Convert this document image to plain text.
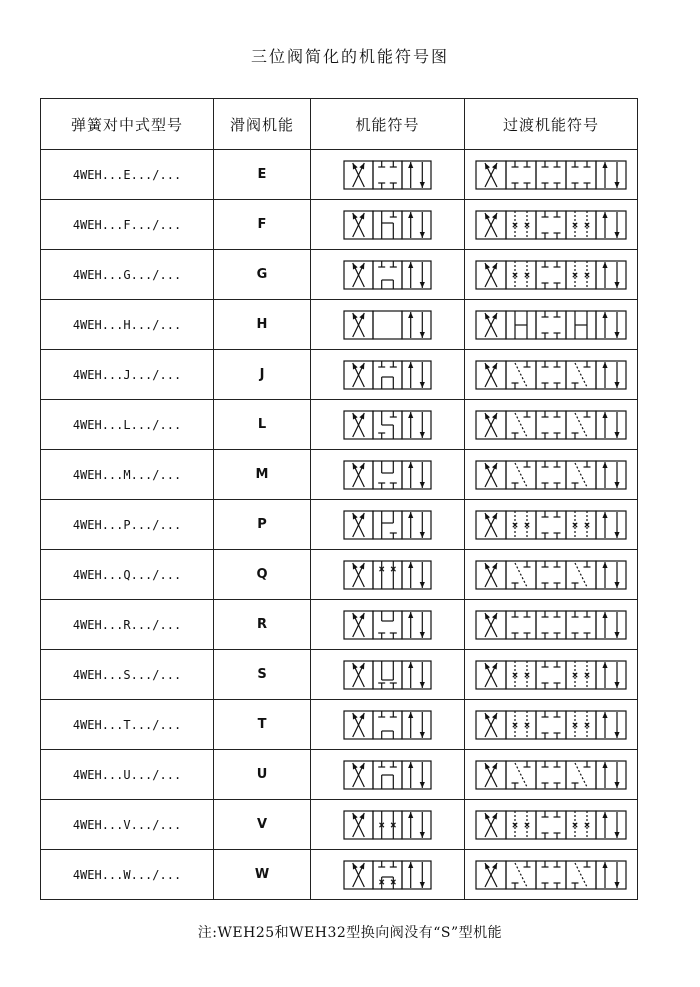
三位阀简化的机能符号图
弹簧对中式型号	滑阀机能	机能符号	过渡机能符号
4WEH...E.../...	E	

4WEH...F.../...	F	

4WEH...G.../...	G	

4WEH...H.../...	H	

4WEH...J.../...	J	

4WEH...L.../...	L	

4WEH...M.../...	M	

4WEH...P.../...	P	

4WEH...Q.../...	Q	

4WEH...R.../...	R	

4WEH...S.../...	S	

4WEH...T.../...	T	

4WEH...U.../...	U	

4WEH...V.../...	V	

4WEH...W.../...	W	

注:WEH25和WEH32型换向阀没有“S”型机能
